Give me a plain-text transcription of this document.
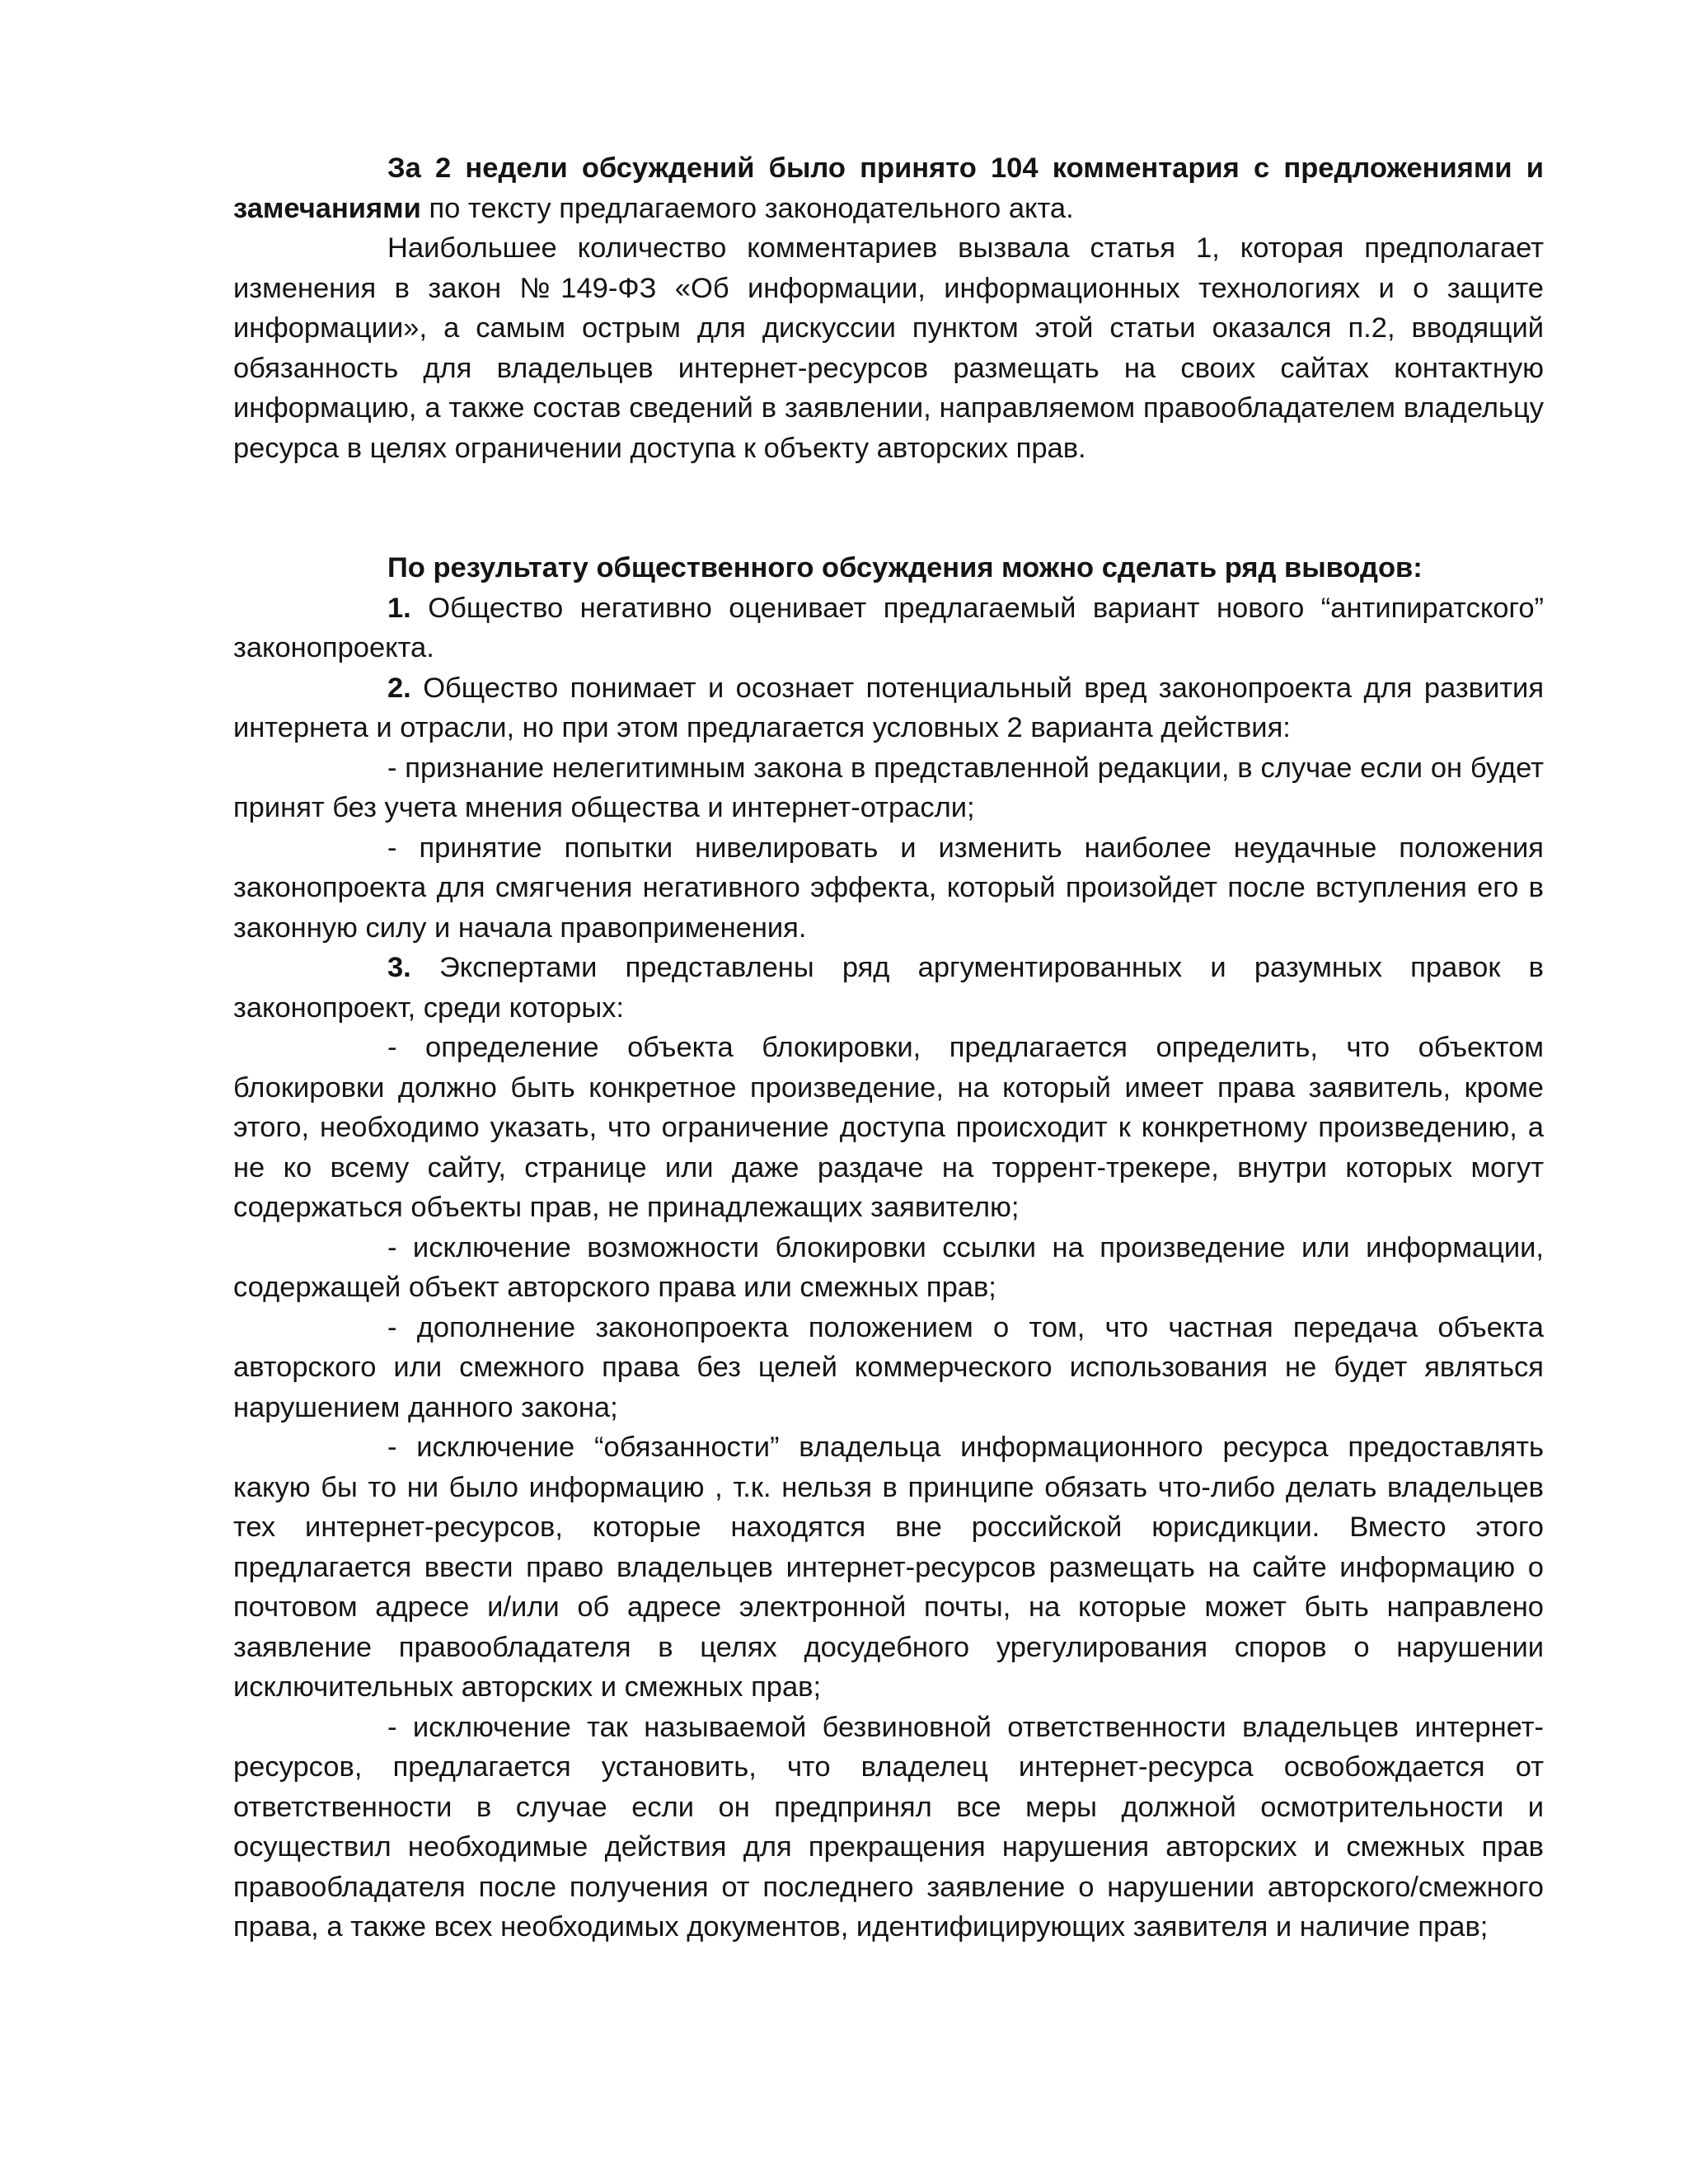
За 2 недели обсуждений было принято 104 комментария с предложениями и замечаниями по тексту предлагаемого законодательного акта.

Наибольшее количество комментариев вызвала статья 1, которая предполагает изменения в закон №149-ФЗ «Об информации, информационных технологиях и о защите информации», а самым острым для дискуссии пунктом этой статьи оказался п.2, вводящий обязанность для владельцев интернет-ресурсов размещать на своих сайтах контактную информацию, а также состав сведений в заявлении, направляемом правообладателем владельцу ресурса в целях ограничении доступа к объекту авторских прав.

По результату общественного обсуждения можно сделать ряд выводов:

1. Общество негативно оценивает предлагаемый вариант нового “антипиратского” законопроекта.

2. Общество понимает и осознает потенциальный вред законопроекта для развития интернета и отрасли, но при этом предлагается условных 2 варианта действия:

- признание нелегитимным закона в представленной редакции, в случае если он будет принят без учета мнения общества и интернет-отрасли;

- принятие попытки нивелировать и изменить наиболее неудачные положения законопроекта для смягчения негативного эффекта, который произойдет после вступления его в законную силу и начала правоприменения.

3. Экспертами представлены ряд аргументированных и разумных правок в законопроект, среди которых:

- определение объекта блокировки, предлагается определить, что объектом блокировки должно быть конкретное произведение, на который имеет права заявитель, кроме этого, необходимо указать, что ограничение доступа происходит к конкретному произведению, а не ко всему сайту, странице или даже раздаче на торрент-трекере, внутри которых могут содержаться объекты прав, не принадлежащих заявителю;

- исключение возможности блокировки ссылки на произведение или информации, содержащей объект авторского права или смежных прав;

- дополнение законопроекта положением о том, что частная передача объекта авторского или смежного права без целей коммерческого использования не будет являться нарушением данного закона;

- исключение “обязанности” владельца информационного ресурса предоставлять какую бы то ни было информацию , т.к. нельзя в принципе обязать что-либо делать владельцев тех интернет-ресурсов, которые находятся вне российской юрисдикции. Вместо этого предлагается ввести право владельцев интернет-ресурсов размещать на сайте информацию о почтовом адресе и/или об адресе электронной почты, на которые может быть направлено заявление правообладателя в целях досудебного урегулирования споров о нарушении исключительных авторских и смежных прав;

- исключение так называемой безвиновной ответственности владельцев интернет-ресурсов, предлагается установить, что владелец интернет-ресурса освобождается от ответственности в случае если он предпринял все меры должной осмотрительности и осуществил необходимые действия для прекращения нарушения авторских и смежных прав правообладателя после получения от последнего заявление о нарушении авторского/смежного права, а также всех необходимых документов, идентифицирующих заявителя и наличие прав;
